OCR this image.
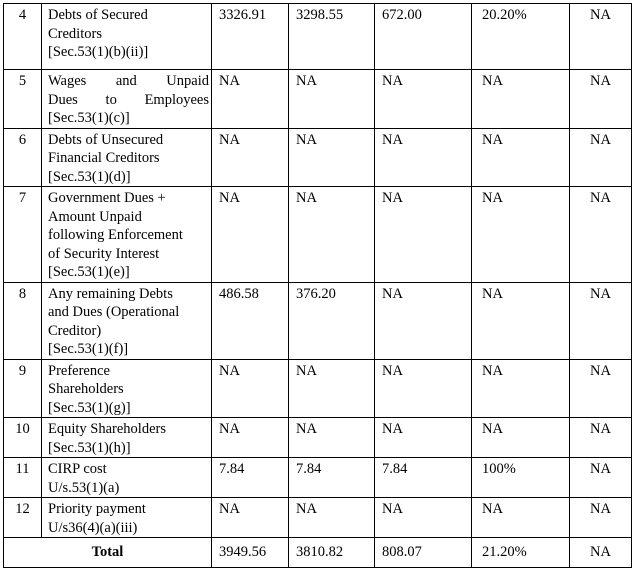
4	Debts of Secured
Creditors
[Sec.53(1)(b)(ii)]	3326.91	3298.55	672.00	20.20%	NA
5	Wages and Unpaid
Dues to Employees
[Sec.53(1)(c)]	NA	NA	NA	NA	NA
6	Debts of Unsecured
Financial Creditors
[Sec.53(1)(d)]	NA	NA	NA	NA	NA
7	Government Dues +
Amount Unpaid
following Enforcement
of Security Interest
[Sec.53(1)(e)]	NA	NA	NA	NA	NA
8	Any remaining Debts
and Dues (Operational
Creditor)
[Sec.53(1)(f)]	486.58	376.20	NA	NA	NA
9	Preference
Shareholders
[Sec.53(1)(g)]	NA	NA	NA	NA	NA
10	Equity Shareholders
[Sec.53(1)(h)]	NA	NA	NA	NA	NA
11	CIRP cost
U/s.53(1)(a)	7.84	7.84	7.84	100%	NA
12	Priority payment
U/s36(4)(a)(iii)	NA	NA	NA	NA	NA
Total		3949.56	3810.82	808.07	21.20%	NA
